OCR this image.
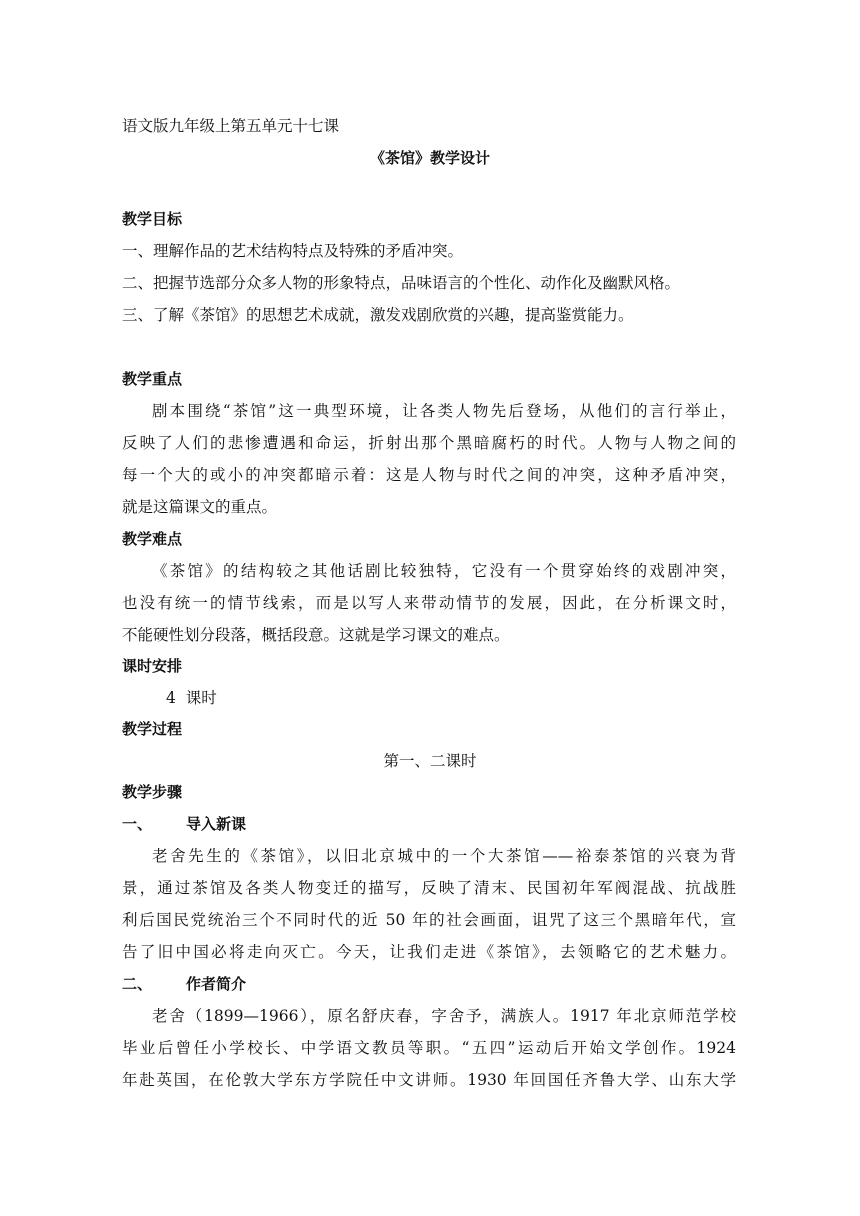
语文版九年级上第五单元十七课
《茶馆》教学设计
教学目标
一、理解作品的艺术结构特点及特殊的矛盾冲突。
二、把握节选部分众多人物的形象特点，品味语言的个性化、动作化及幽默风格。
三、了解《茶馆》的思想艺术成就，激发戏剧欣赏的兴趣，提高鉴赏能力。
教学重点
剧本围绕“茶馆”这一典型环境，让各类人物先后登场，从他们的言行举止，
反映了人们的悲惨遭遇和命运，折射出那个黑暗腐朽的时代。人物与人物之间的
每一个大的或小的冲突都暗示着：这是人物与时代之间的冲突，这种矛盾冲突，
就是这篇课文的重点。
教学难点
《茶馆》的结构较之其他话剧比较独特，它没有一个贯穿始终的戏剧冲突，
也没有统一的情节线索，而是以写人来带动情节的发展，因此，在分析课文时，
不能硬性划分段落，概括段意。这就是学习课文的难点。
课时安排
4  课时
教学过程
第一、二课时
教学步骤
一、 导入新课
老舍先生的《茶馆》，以旧北京城中的一个大茶馆——裕泰茶馆的兴衰为背
景，通过茶馆及各类人物变迁的描写，反映了清末、民国初年军阀混战、抗战胜
利后国民党统治三个不同时代的近 50 年的社会画面，诅咒了这三个黑暗年代，宣
告了旧中国必将走向灭亡。今天，让我们走进《茶馆》，去领略它的艺术魅力。
二、 作者简介
老舍（1899—1966），原名舒庆春，字舍予，满族人。1917 年北京师范学校
毕业后曾任小学校长、中学语文教员等职。“五四”运动后开始文学创作。1924
年赴英国，在伦敦大学东方学院任中文讲师。1930 年回国任齐鲁大学、山东大学
